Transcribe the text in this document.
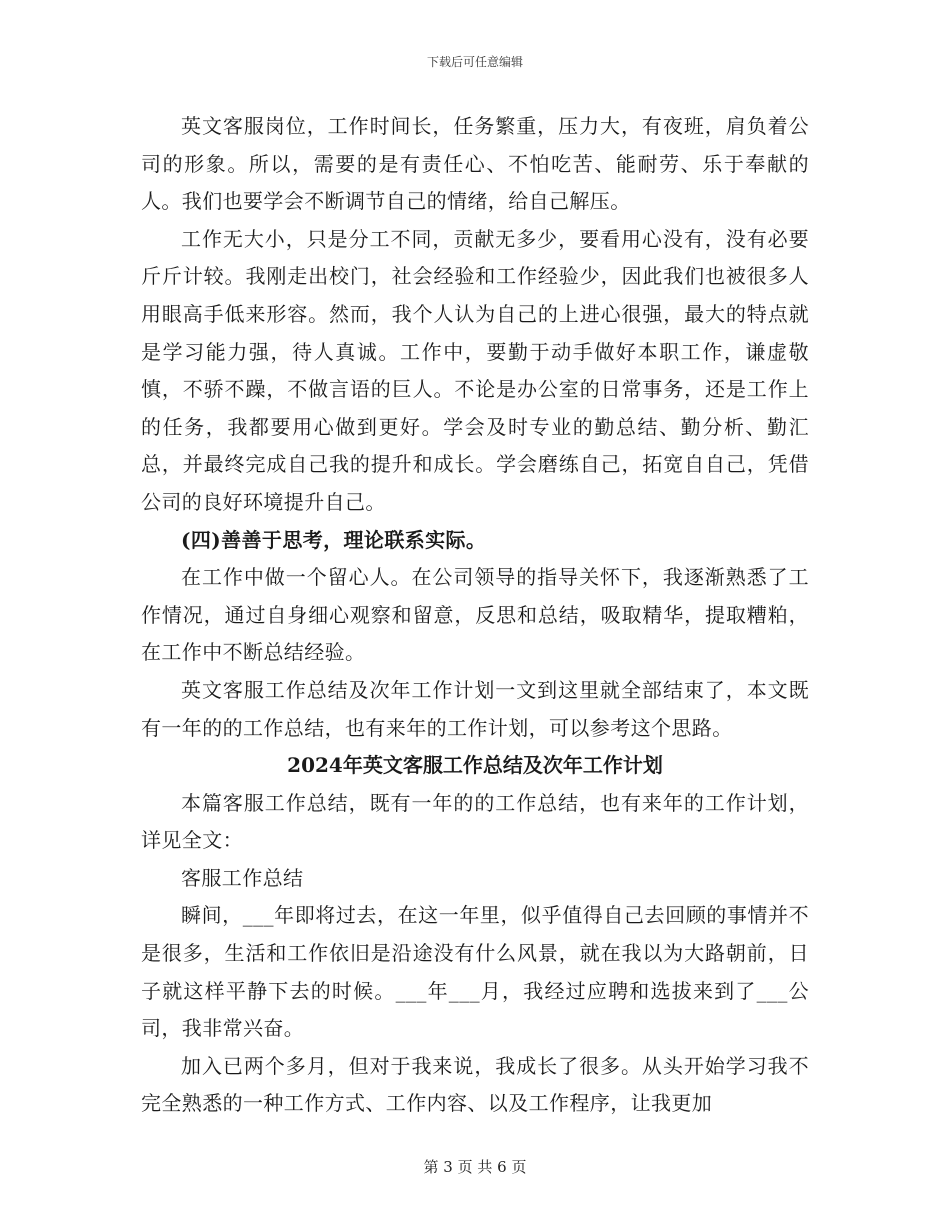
下载后可任意编辑

英文客服岗位，工作时间长，任务繁重，压力大，有夜班，肩负着公司的形象。所以，需要的是有责任心、不怕吃苦、能耐劳、乐于奉献的人。我们也要学会不断调节自己的情绪，给自己解压。

工作无大小，只是分工不同，贡献无多少，要看用心没有，没有必要斤斤计较。我刚走出校门，社会经验和工作经验少，因此我们也被很多人用眼高手低来形容。然而，我个人认为自己的上进心很强，最大的特点就是学习能力强，待人真诚。工作中，要勤于动手做好本职工作，谦虚敬慎，不骄不躁，不做言语的巨人。不论是办公室的日常事务，还是工作上的任务，我都要用心做到更好。学会及时专业的勤总结、勤分析、勤汇总，并最终完成自己我的提升和成长。学会磨练自己，拓宽自自己，凭借公司的良好环境提升自己。

(四)善善于思考，理论联系实际。

在工作中做一个留心人。在公司领导的指导关怀下，我逐渐熟悉了工作情况，通过自身细心观察和留意，反思和总结，吸取精华，提取糟粕，在工作中不断总结经验。

英文客服工作总结及次年工作计划一文到这里就全部结束了，本文既有一年的的工作总结，也有来年的工作计划，可以参考这个思路。

2024年英文客服工作总结及次年工作计划

本篇客服工作总结，既有一年的的工作总结，也有来年的工作计划，详见全文：

客服工作总结

瞬间，___年即将过去，在这一年里，似乎值得自己去回顾的事情并不是很多，生活和工作依旧是沿途没有什么风景，就在我以为大路朝前，日子就这样平静下去的时候。___年___月，我经过应聘和选拔来到了___公司，我非常兴奋。

加入已两个多月，但对于我来说，我成长了很多。从头开始学习我不完全熟悉的一种工作方式、工作内容、以及工作程序，让我更加

第 3 页 共 6 页
